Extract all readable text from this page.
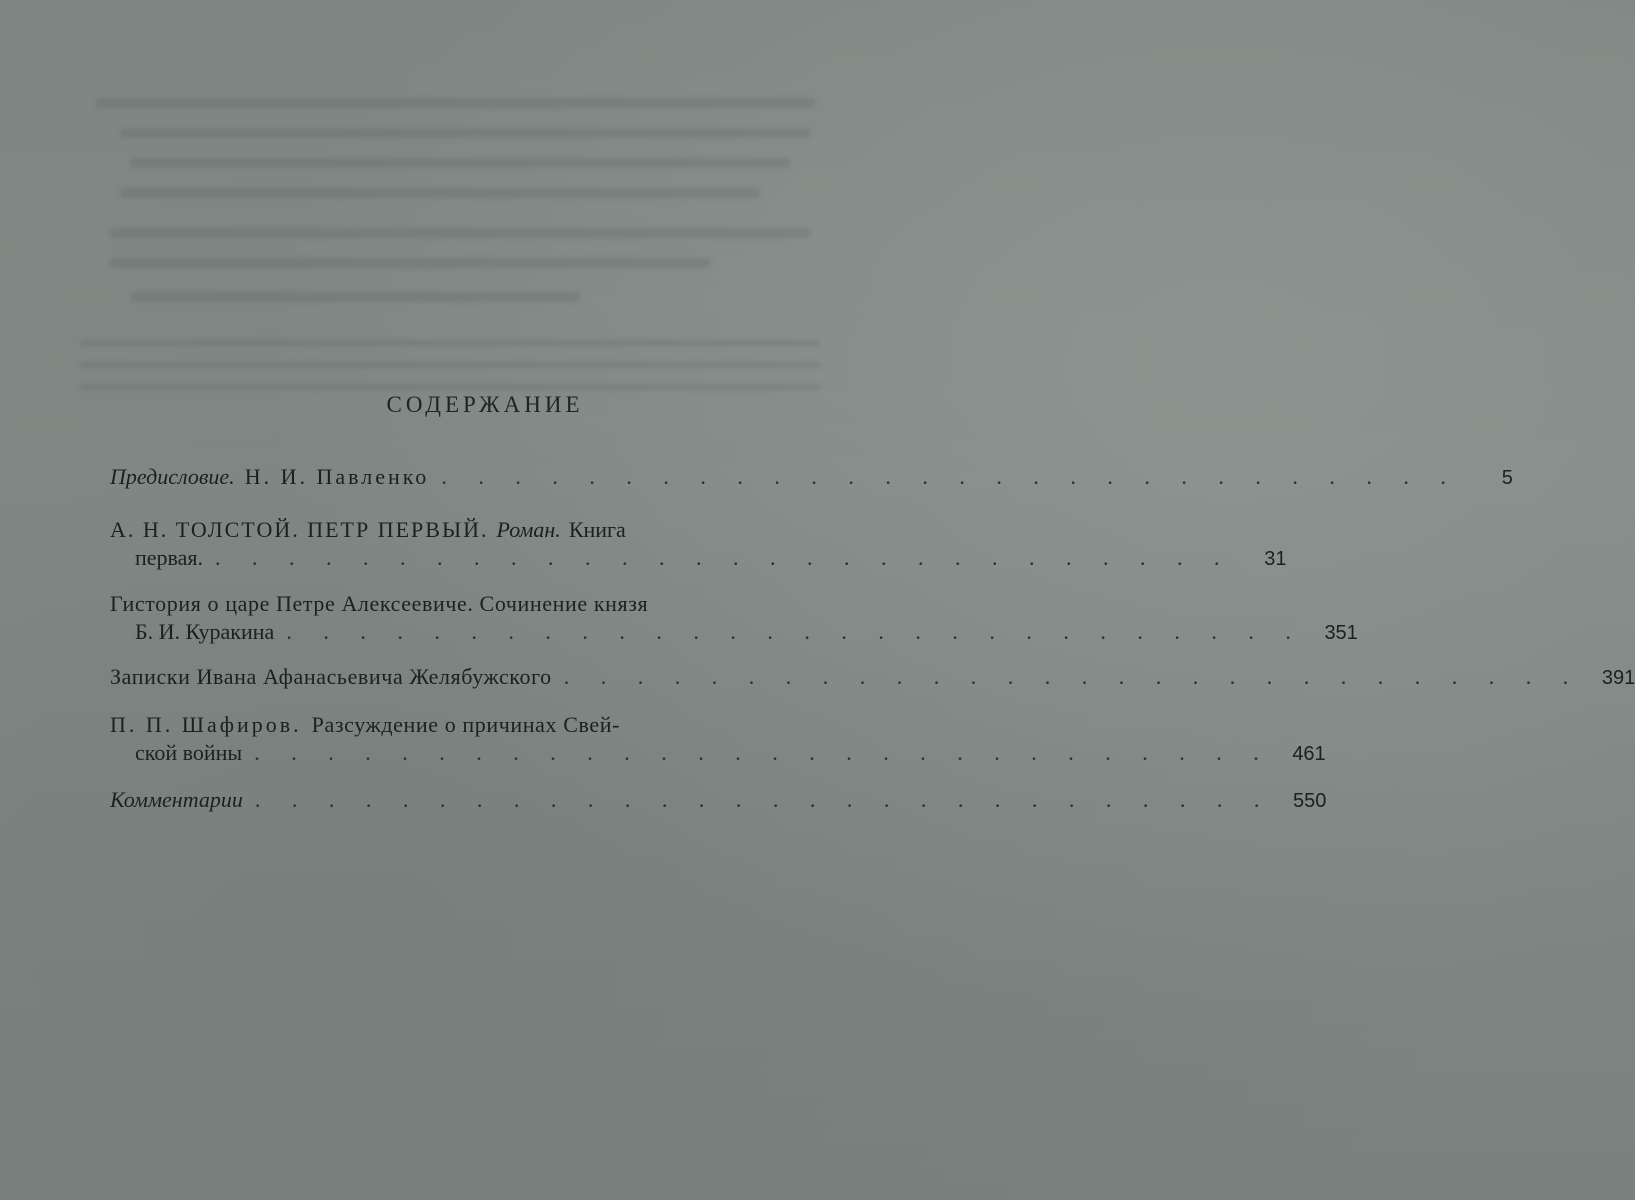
СОДЕРЖАНИЕ
Предисловие. Н. И. Павленко . . . . . . . . . . . . . . . . . . . . . . . . . . . .	5
А. Н. ТОЛСТОЙ. ПЕТР ПЕРВЫЙ. Роман. Книга
первая. . . . . . . . . . . . . . . . . . . . . . . . . . . . .	31
Гистория о царе Петре Алексеевиче. Сочинение князя
Б. И. Куракина . . . . . . . . . . . . . . . . . . . . . . . . . . . .	351
Записки Ивана Афанасьевича Желябужского . . . . . . . . . . . . . . . . . . . . . . . . . . . .	391
П. П. Шафиров. Разсуждение о причинах Свей-
ской войны . . . . . . . . . . . . . . . . . . . . . . . . . . . .	461
Комментарии . . . . . . . . . . . . . . . . . . . . . . . . . . . .	550
